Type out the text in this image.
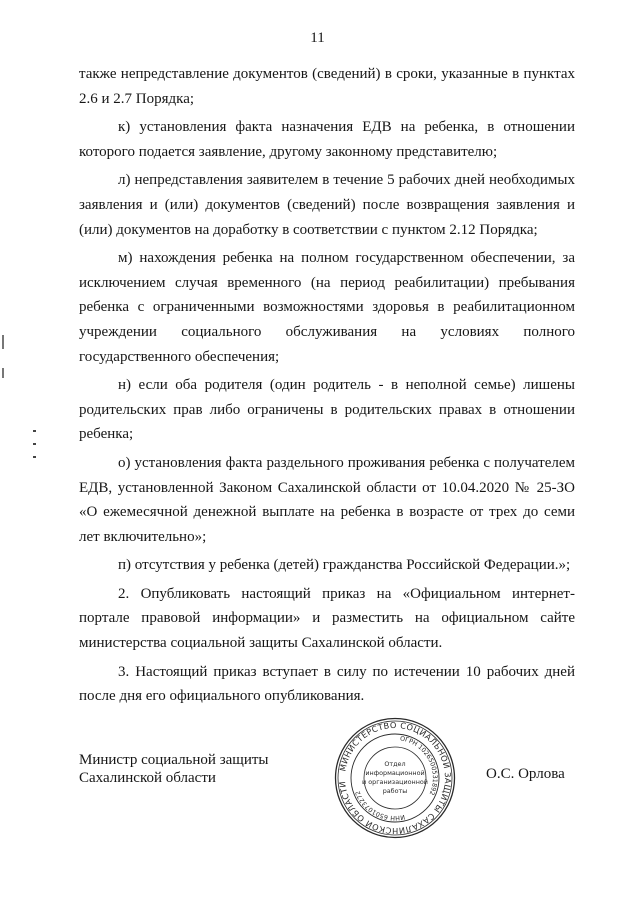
11

также непредставление документов (сведений) в сроки, указанные в пунктах 2.6 и 2.7 Порядка;

к) установления факта назначения ЕДВ на ребенка, в отношении которого подается заявление, другому законному представителю;

л) непредставления заявителем в течение 5 рабочих дней необходимых заявления и (или) документов (сведений) после возвращения заявления и (или) документов на доработку в соответствии с пунктом 2.12 Порядка;

м) нахождения ребенка на полном государственном обеспечении, за исключением случая временного (на период реабилитации) пребывания ребенка с ограниченными возможностями здоровья в реабилитационном учреждении социального обслуживания на условиях полного государственного обеспечения;

н) если оба родителя (один родитель - в неполной семье) лишены родительских прав либо ограничены в родительских правах в отношении ребенка;

о) установления факта раздельного проживания ребенка с получателем ЕДВ, установленной Законом Сахалинской области от 10.04.2020 № 25-ЗО «О ежемесячной денежной выплате на ребенка в возрасте от трех до семи лет включительно»;

п) отсутствия у ребенка (детей) гражданства Российской Федерации.»;

2. Опубликовать настоящий приказ на «Официальном интернет-портале правовой информации» и разместить на официальном сайте министерства социальной защиты Сахалинской области.

3. Настоящий приказ вступает в силу по истечении 10 рабочих дней после дня его официального опубликования.

Министр социальной защиты
Сахалинской области
МИНИСТЕРСТВО СОЦИАЛЬНОЙ ЗАЩИТЫ САХАЛИНСКОЙ ОБЛАСТИ
ОГРН 1026500531892
ИНН 6501073272
Отдел
информационной
и организационной
работы
О.С. Орлова
